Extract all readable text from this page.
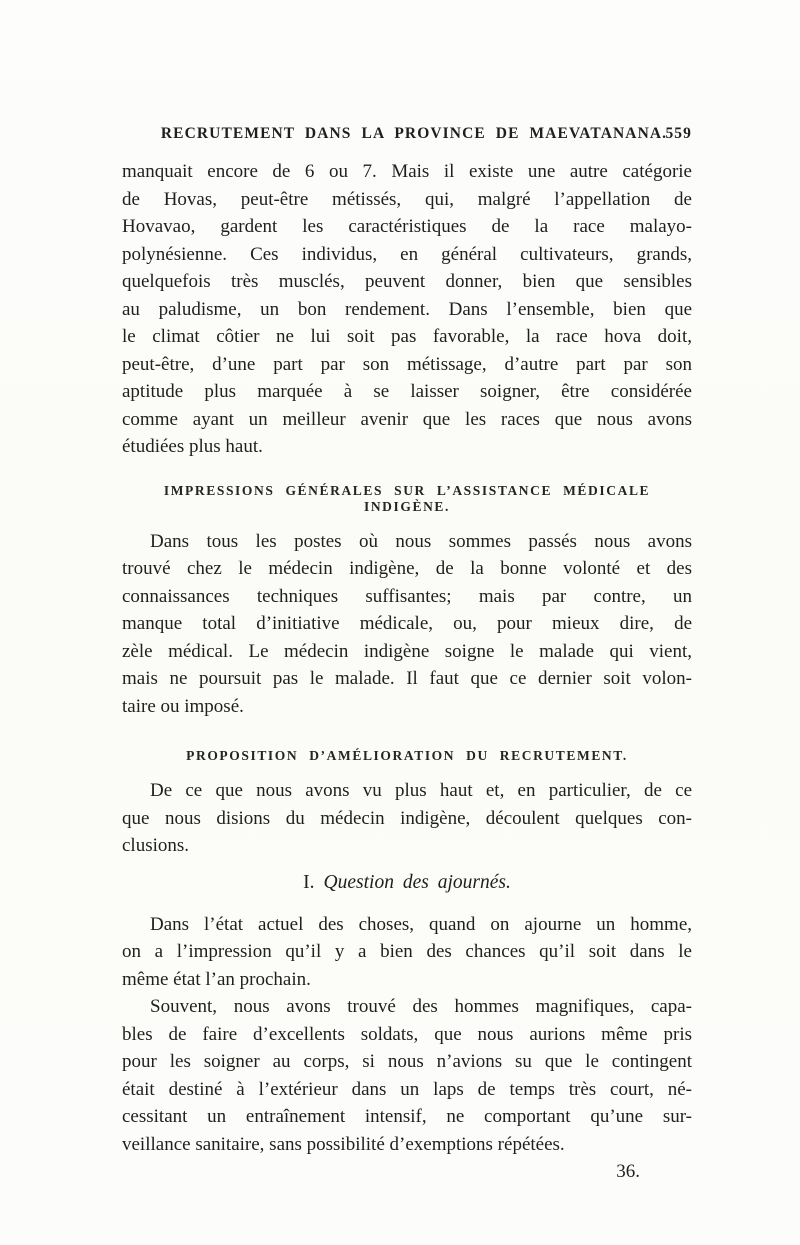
RECRUTEMENT DANS LA PROVINCE DE MAEVATANANA.
559
manquait encore de 6 ou 7. Mais il existe une autre catégorie
de Hovas, peut-être métissés, qui, malgré l’appellation de
Hovavao, gardent les caractéristiques de la race malayo-
polynésienne. Ces individus, en général cultivateurs, grands,
quelquefois très musclés, peuvent donner, bien que sensibles
au paludisme, un bon rendement. Dans l’ensemble, bien que
le climat côtier ne lui soit pas favorable, la race hova doit,
peut-être, d’une part par son métissage, d’autre part par son
aptitude plus marquée à se laisser soigner, être considérée
comme ayant un meilleur avenir que les races que nous avons
étudiées plus haut.
IMPRESSIONS GÉNÉRALES SUR L’ASSISTANCE MÉDICALE INDIGÈNE.
Dans tous les postes où nous sommes passés nous avons
trouvé chez le médecin indigène, de la bonne volonté et des
connaissances techniques suffisantes; mais par contre, un
manque total d’initiative médicale, ou, pour mieux dire, de
zèle médical. Le médecin indigène soigne le malade qui vient,
mais ne poursuit pas le malade. Il faut que ce dernier soit volon-
taire ou imposé.
PROPOSITION D’AMÉLIORATION DU RECRUTEMENT.
De ce que nous avons vu plus haut et, en particulier, de ce
que nous disions du médecin indigène, découlent quelques con-
clusions.
I. Question des ajournés.
Dans l’état actuel des choses, quand on ajourne un homme,
on a l’impression qu’il y a bien des chances qu’il soit dans le
même état l’an prochain.
Souvent, nous avons trouvé des hommes magnifiques, capa-
bles de faire d’excellents soldats, que nous aurions même pris
pour les soigner au corps, si nous n’avions su que le contingent
était destiné à l’extérieur dans un laps de temps très court, né-
cessitant un entraînement intensif, ne comportant qu’une sur-
veillance sanitaire, sans possibilité d’exemptions répétées.
36.
